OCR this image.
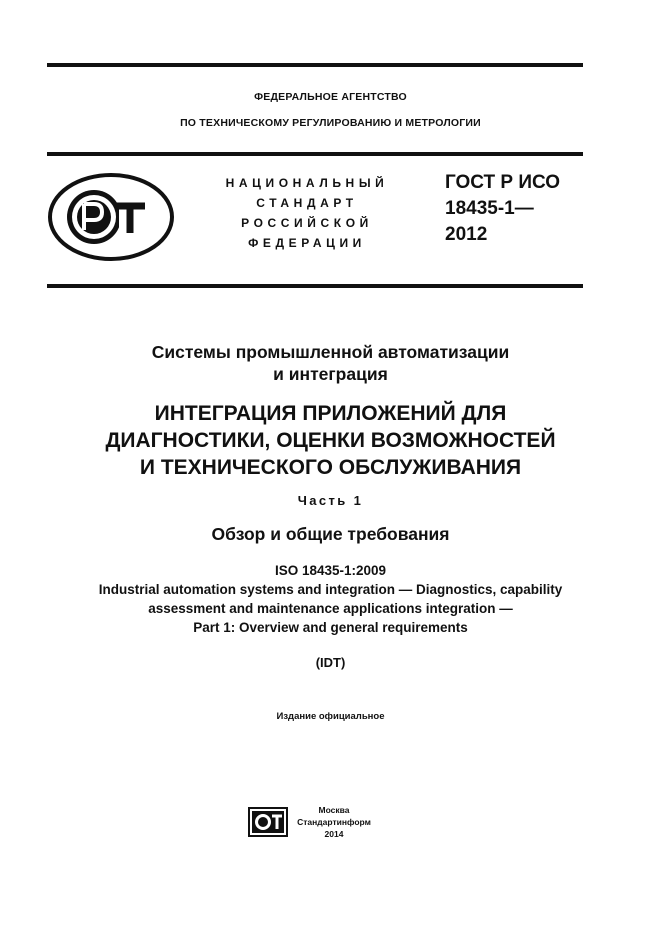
ФЕДЕРАЛЬНОЕ АГЕНТСТВО
ПО ТЕХНИЧЕСКОМУ РЕГУЛИРОВАНИЮ И МЕТРОЛОГИИ
НАЦИОНАЛЬНЫЙ
СТАНДАРТ
РОССИЙСКОЙ
ФЕДЕРАЦИИ
ГОСТ Р ИСО
18435-1—
2012
Системы промышленной автоматизации
и интеграция
ИНТЕГРАЦИЯ ПРИЛОЖЕНИЙ ДЛЯ
ДИАГНОСТИКИ, ОЦЕНКИ ВОЗМОЖНОСТЕЙ
И ТЕХНИЧЕСКОГО ОБСЛУЖИВАНИЯ
Часть 1
Обзор и общие требования
ISO 18435-1:2009
Industrial automation systems and integration — Diagnostics, capability
assessment and maintenance applications integration —
Part 1: Overview and general requirements
(IDT)
Издание официальное
Москва
Стандартинформ
2014
